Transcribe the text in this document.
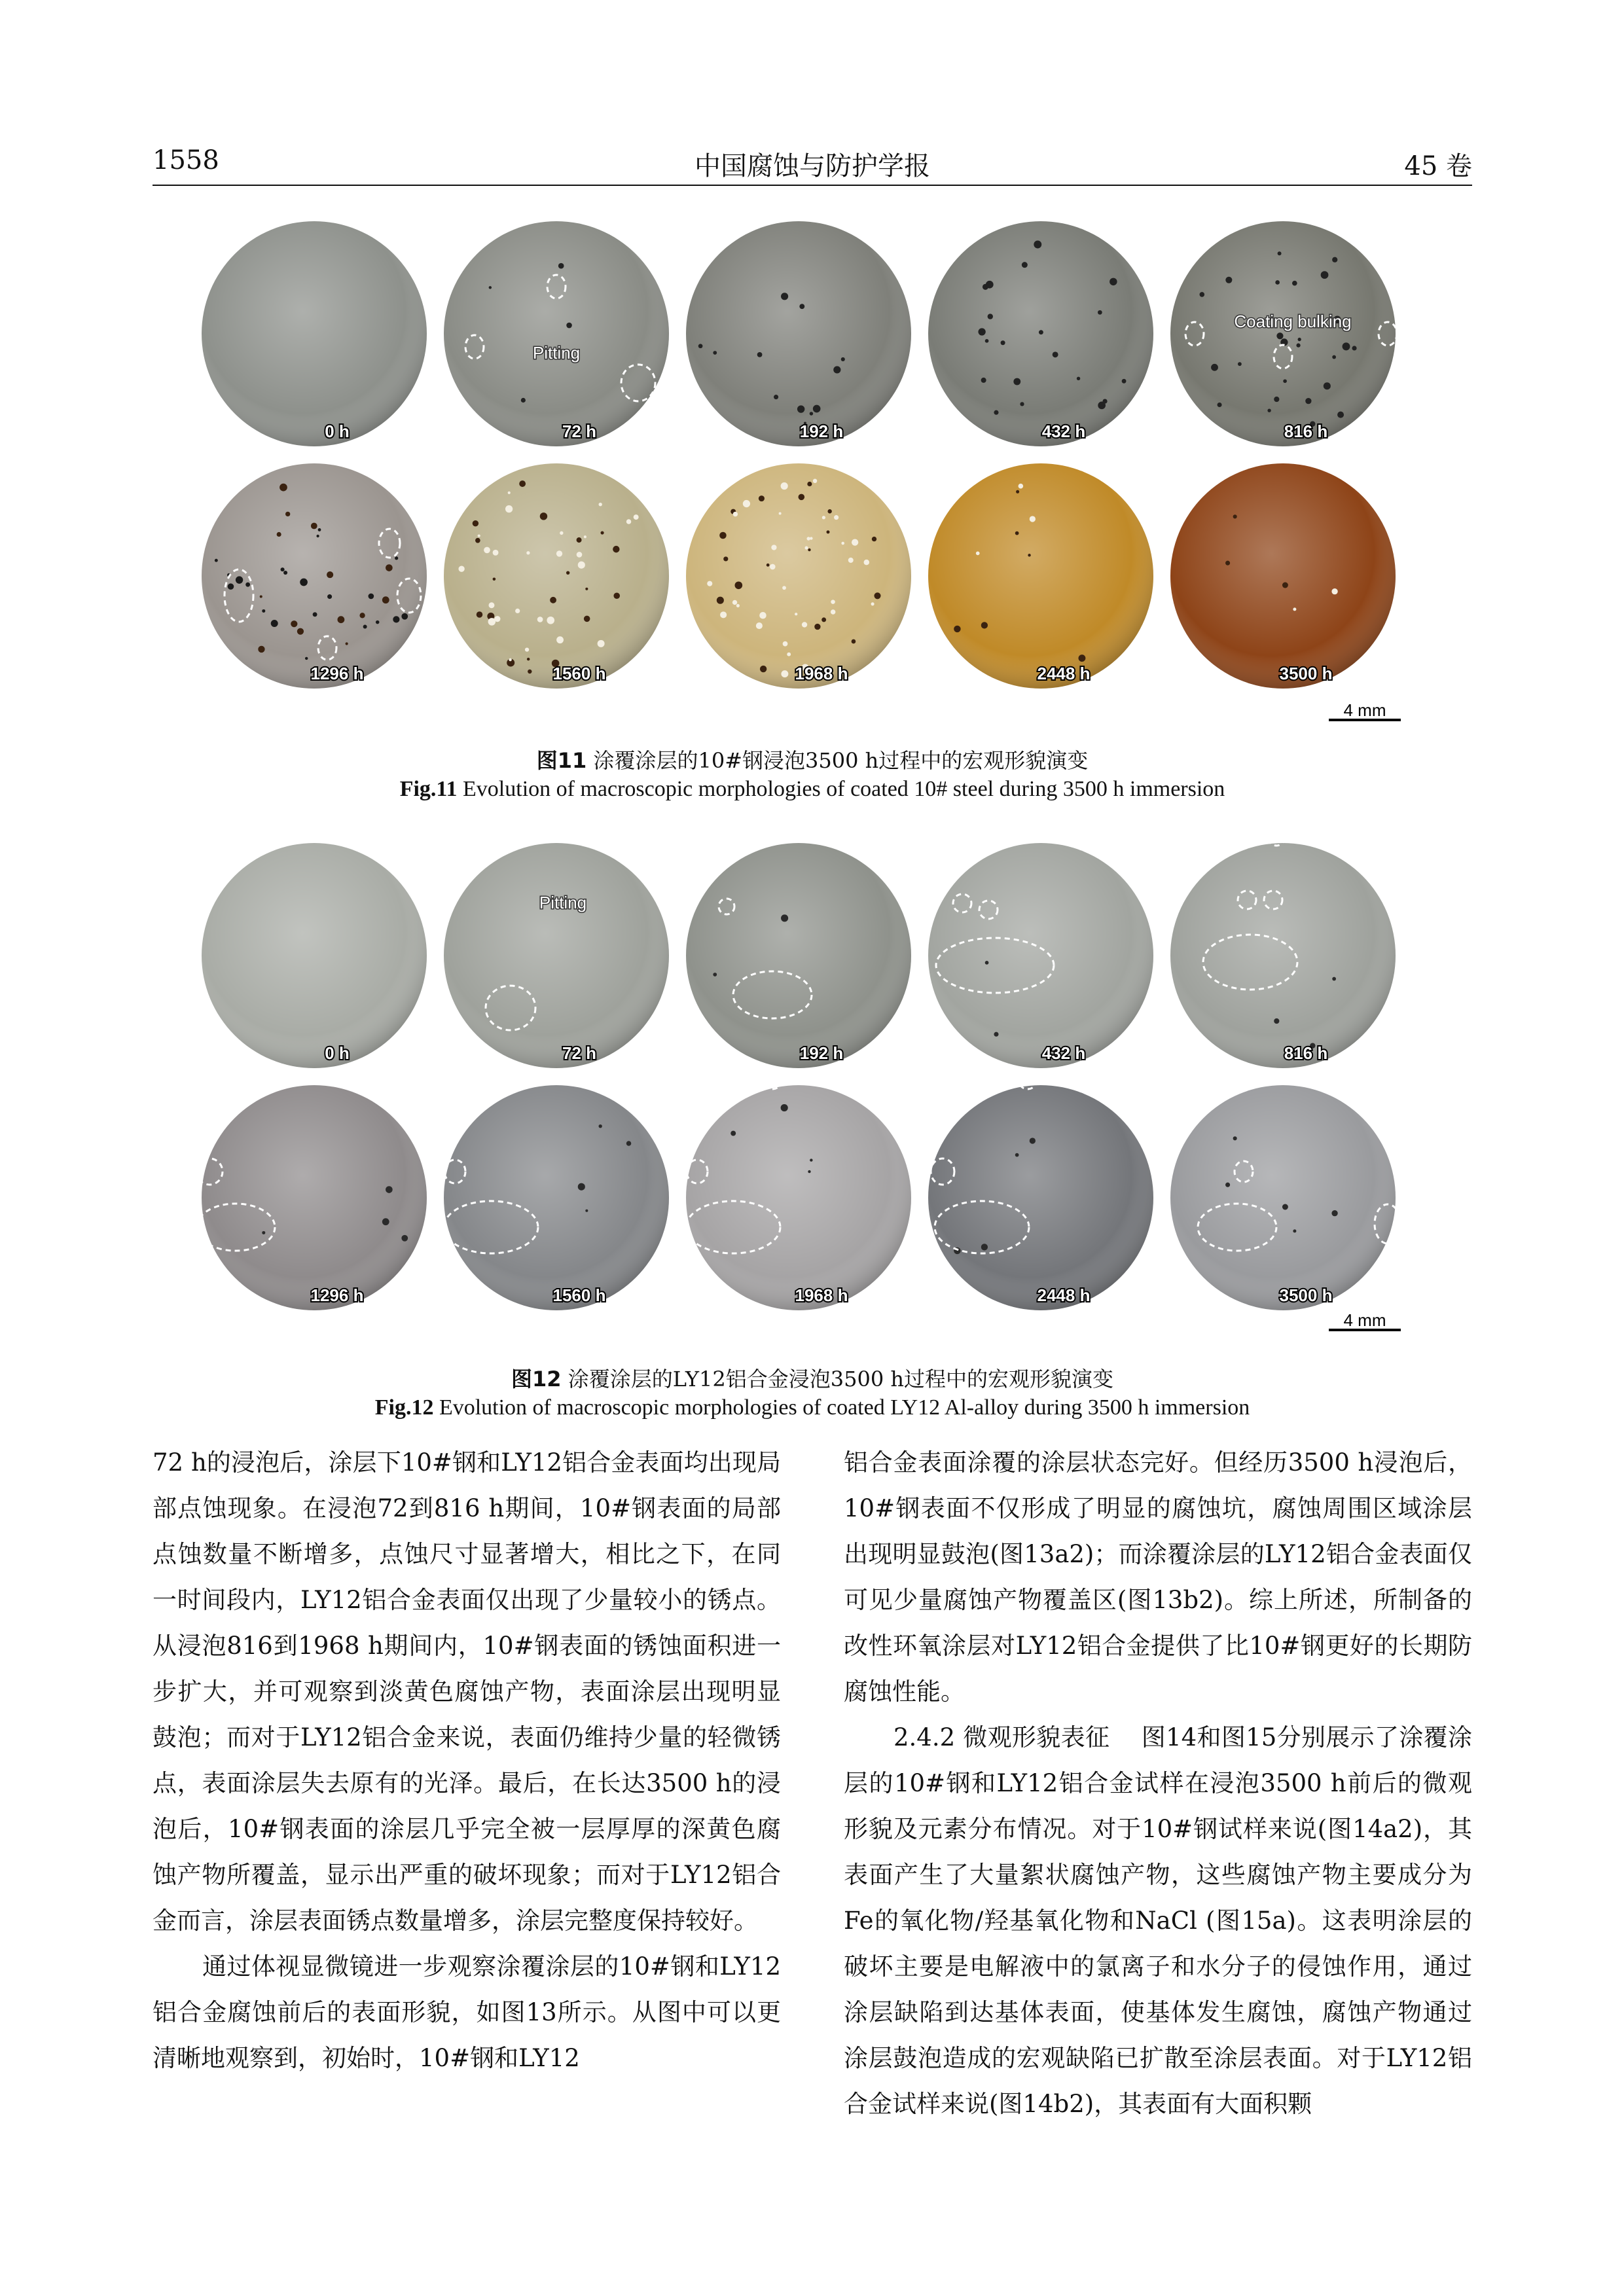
1558	中国腐蚀与防护学报	45 卷
0 h	72 h	192 h	432 h	816 h
1296 h	1560 h	1968 h	2448 h	3500 h
Pitting
Coating bulking
4 mm
图11 涂覆涂层的10#钢浸泡3500 h过程中的宏观形貌演变
Fig.11 Evolution of macroscopic morphologies of coated 10# steel during 3500 h immersion
0 h	72 h	192 h	432 h	816 h
1296 h	1560 h	1968 h	2448 h	3500 h
Pitting
4 mm
图12 涂覆涂层的LY12铝合金浸泡3500 h过程中的宏观形貌演变
Fig.12 Evolution of macroscopic morphologies of coated LY12 Al-alloy during 3500 h immersion

72 h的浸泡后，涂层下10#钢和LY12铝合金表面均出现局部点蚀现象。在浸泡72到816 h期间，10#钢表面的局部点蚀数量不断增多，点蚀尺寸显著增大，相比之下，在同一时间段内，LY12铝合金表面仅出现了少量较小的锈点。从浸泡816到1968 h期间内，10#钢表面的锈蚀面积进一步扩大，并可观察到淡黄色腐蚀产物，表面涂层出现明显鼓泡；而对于LY12铝合金来说，表面仍维持少量的轻微锈点，表面涂层失去原有的光泽。最后，在长达3500 h的浸泡后，10#钢表面的涂层几乎完全被一层厚厚的深黄色腐蚀产物所覆盖，显示出严重的破坏现象；而对于LY12铝合金而言，涂层表面锈点数量增多，涂层完整度保持较好。

通过体视显微镜进一步观察涂覆涂层的10#钢和LY12铝合金腐蚀前后的表面形貌，如图13所示。从图中可以更清晰地观察到，初始时，10#钢和LY12

铝合金表面涂覆的涂层状态完好。但经历3500 h浸泡后，10#钢表面不仅形成了明显的腐蚀坑，腐蚀周围区域涂层出现明显鼓泡(图13a2)；而涂覆涂层的LY12铝合金表面仅可见少量腐蚀产物覆盖区(图13b2)。综上所述，所制备的改性环氧涂层对LY12铝合金提供了比10#钢更好的长期防腐蚀性能。

2.4.2 微观形貌表征 图14和图15分别展示了涂覆涂层的10#钢和LY12铝合金试样在浸泡3500 h前后的微观形貌及元素分布情况。对于10#钢试样来说(图14a2)，其表面产生了大量絮状腐蚀产物，这些腐蚀产物主要成分为Fe的氧化物/羟基氧化物和NaCl (图15a)。这表明涂层的破坏主要是电解液中的氯离子和水分子的侵蚀作用，通过涂层缺陷到达基体表面，使基体发生腐蚀，腐蚀产物通过涂层鼓泡造成的宏观缺陷已扩散至涂层表面。对于LY12铝合金试样来说(图14b2)，其表面有大面积颗
